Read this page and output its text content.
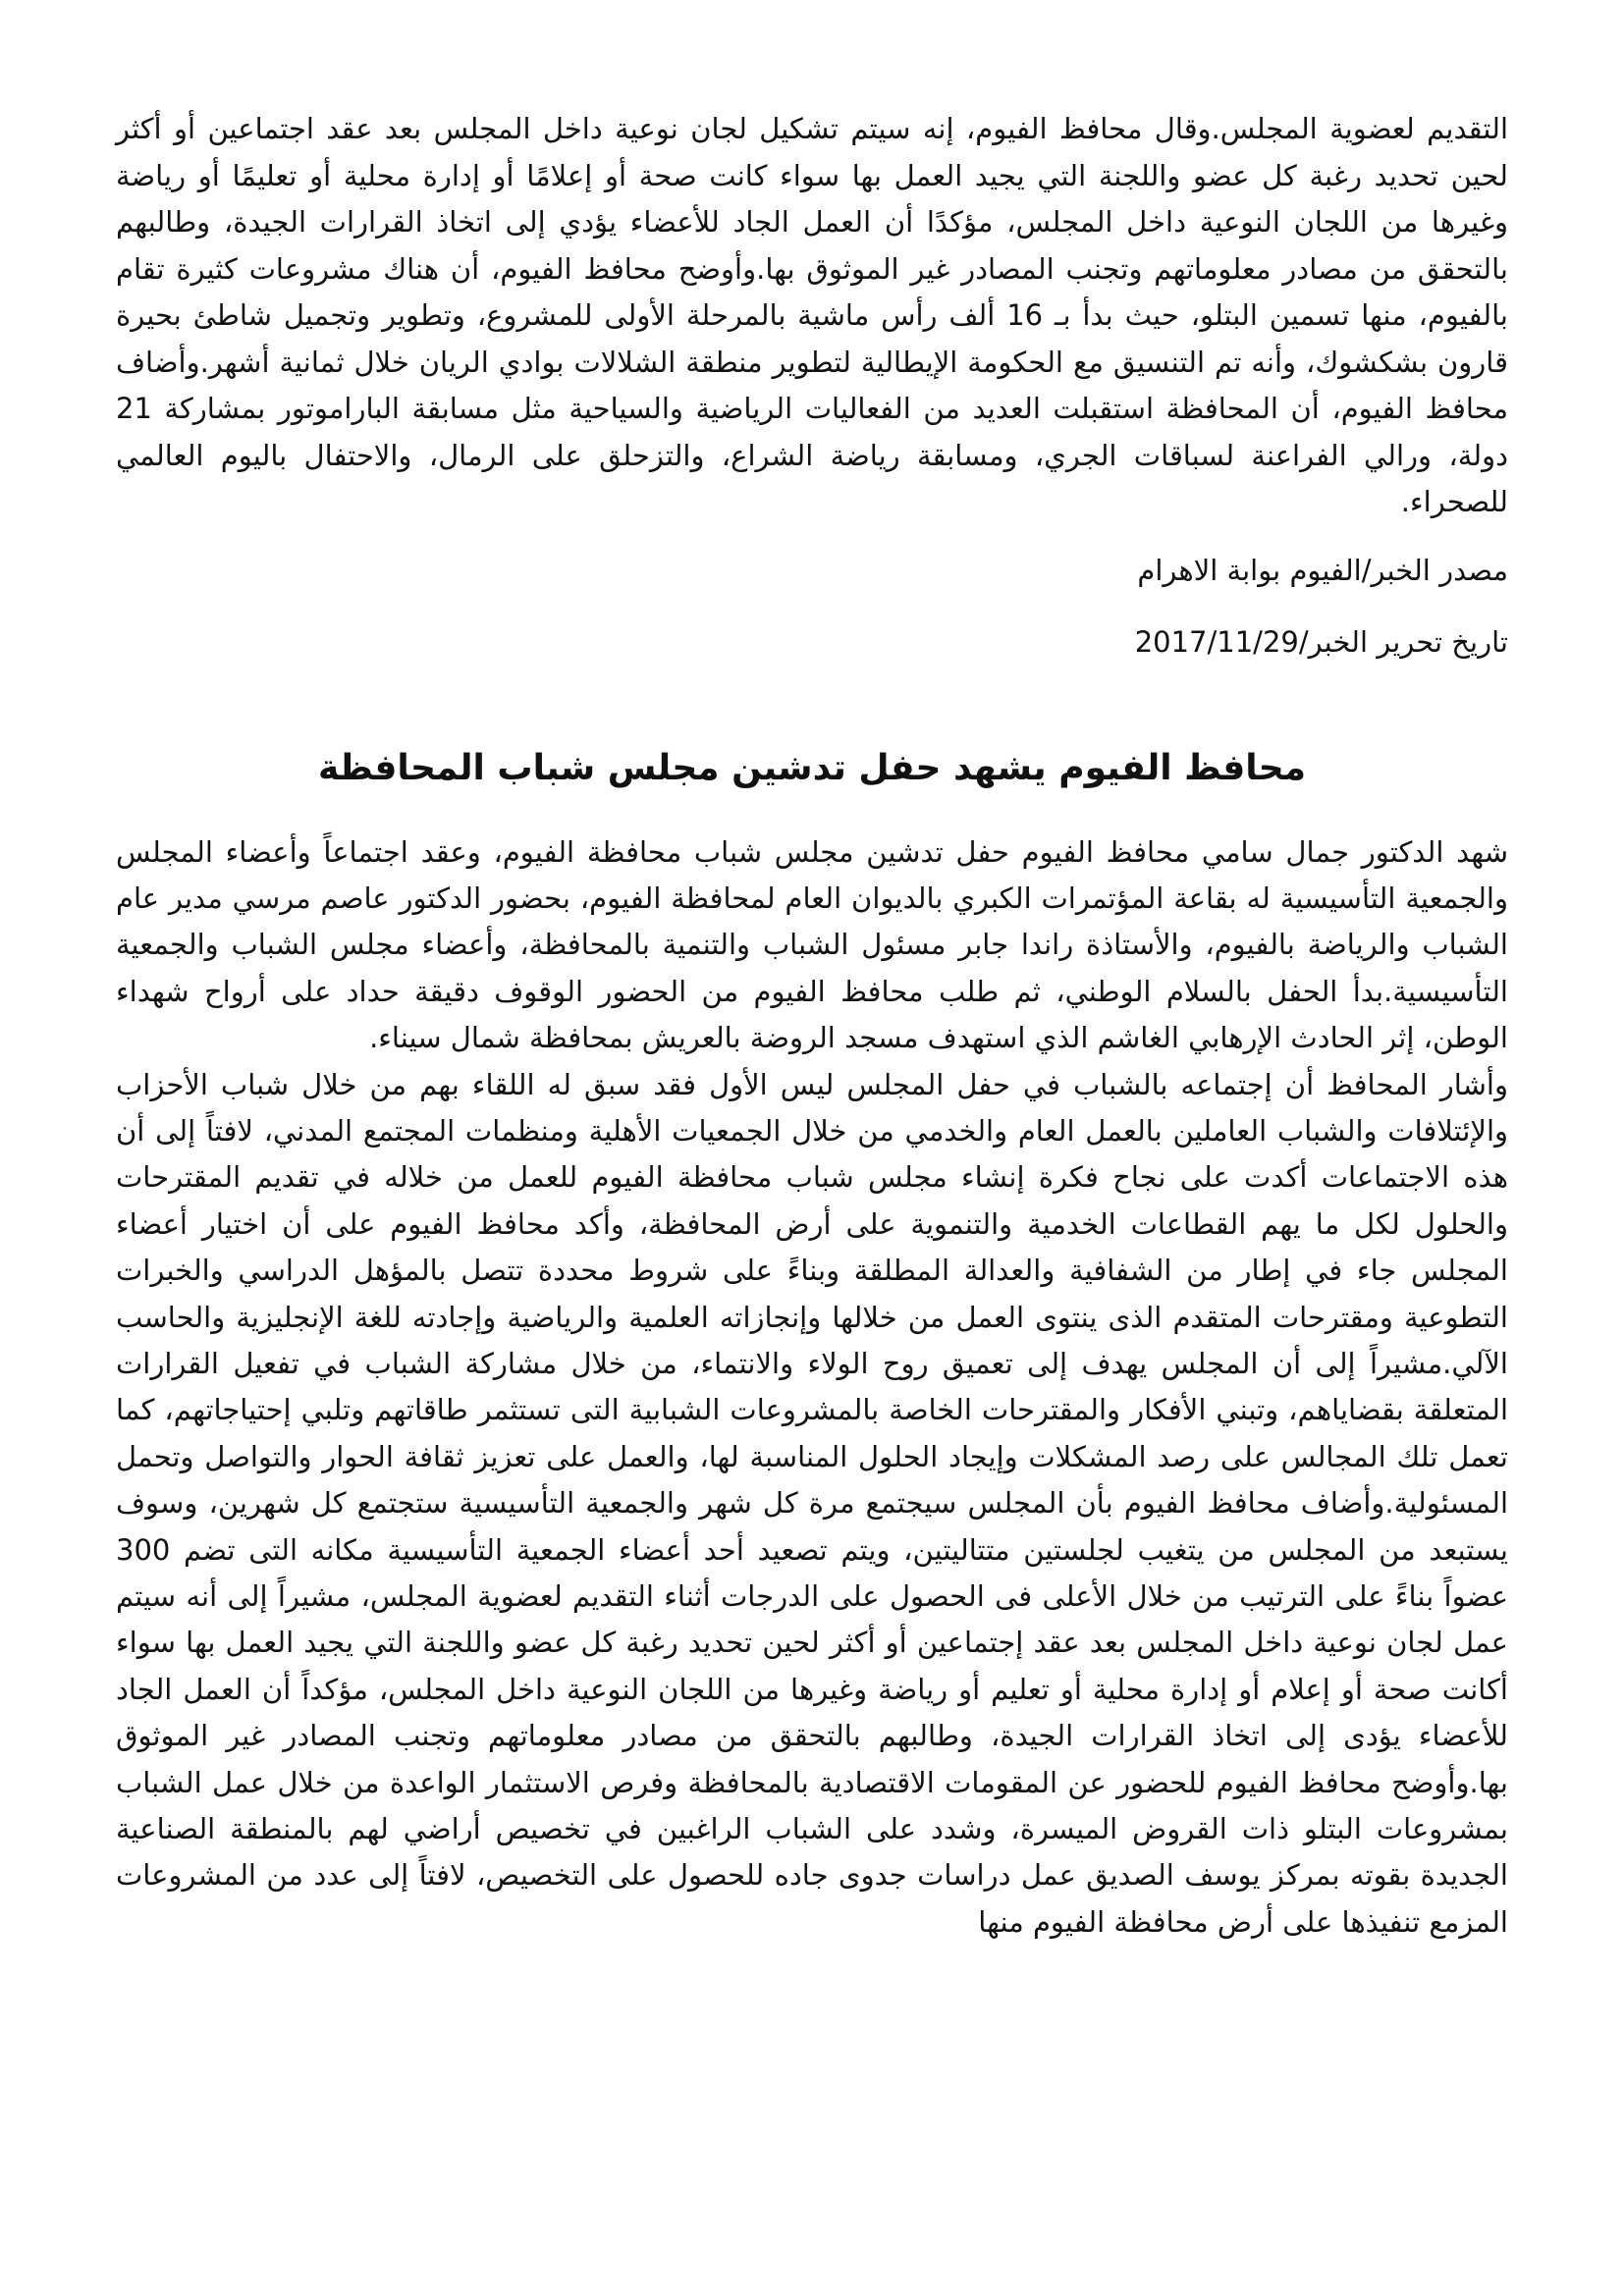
التقديم لعضوية المجلس.وقال محافظ الفيوم، إنه سيتم تشكيل لجان نوعية داخل المجلس بعد عقد اجتماعين أو أكثر لحين تحديد رغبة كل عضو واللجنة التي يجيد العمل بها سواء كانت صحة أو إعلامًا أو إدارة محلية أو تعليمًا أو رياضة وغيرها من اللجان النوعية داخل المجلس، مؤكدًا أن العمل الجاد للأعضاء يؤدي إلى اتخاذ القرارات الجيدة، وطالبهم بالتحقق من مصادر معلوماتهم وتجنب المصادر غير الموثوق بها.وأوضح محافظ الفيوم، أن هناك مشروعات كثيرة تقام بالفيوم، منها تسمين البتلو، حيث بدأ بـ 16 ألف رأس ماشية بالمرحلة الأولى للمشروع، وتطوير وتجميل شاطئ بحيرة قارون بشكشوك، وأنه تم التنسيق مع الحكومة الإيطالية لتطوير منطقة الشلالات بوادي الريان خلال ثمانية أشهر.وأضاف محافظ الفيوم، أن المحافظة استقبلت العديد من الفعاليات الرياضية والسياحية مثل مسابقة الباراموتور بمشاركة 21 دولة، ورالي الفراعنة لسباقات الجري، ومسابقة رياضة الشراع، والتزحلق على الرمال، والاحتفال باليوم العالمي للصحراء.

مصدر الخبر/الفيوم بوابة الاهرام

تاريخ تحرير الخبر/2017/11/29

محافظ الفيوم يشهد حفل تدشين مجلس شباب المحافظة

شهد الدكتور جمال سامي محافظ الفيوم حفل تدشين مجلس شباب محافظة الفيوم، وعقد اجتماعاً وأعضاء المجلس والجمعية التأسيسية له بقاعة المؤتمرات الكبري بالديوان العام لمحافظة الفيوم، بحضور الدكتور عاصم مرسي مدير عام الشباب والرياضة بالفيوم، والأستاذة راندا جابر مسئول الشباب والتنمية بالمحافظة، وأعضاء مجلس الشباب والجمعية التأسيسية.بدأ الحفل بالسلام الوطني، ثم طلب محافظ الفيوم من الحضور الوقوف دقيقة حداد على أرواح شهداء الوطن، إثر الحادث الإرهابي الغاشم الذي استهدف مسجد الروضة بالعريش بمحافظة شمال سيناء.

وأشار المحافظ أن إجتماعه بالشباب في حفل المجلس ليس الأول فقد سبق له اللقاء بهم من خلال شباب الأحزاب والإئتلافات والشباب العاملين بالعمل العام والخدمي من خلال الجمعيات الأهلية ومنظمات المجتمع المدني، لافتاً إلى أن هذه الاجتماعات أكدت على نجاح فكرة إنشاء مجلس شباب محافظة الفيوم للعمل من خلاله في تقديم المقترحات والحلول لكل ما يهم القطاعات الخدمية والتنموية على أرض المحافظة، وأكد محافظ الفيوم على أن اختيار أعضاء المجلس جاء في إطار من الشفافية والعدالة المطلقة وبناءً على شروط محددة تتصل بالمؤهل الدراسي والخبرات التطوعية ومقترحات المتقدم الذى ينتوى العمل من خلالها وإنجازاته العلمية والرياضية وإجادته للغة الإنجليزية والحاسب الآلي.مشيراً إلى أن المجلس يهدف إلى تعميق روح الولاء والانتماء، من خلال مشاركة الشباب في تفعيل القرارات المتعلقة بقضاياهم، وتبني الأفكار والمقترحات الخاصة بالمشروعات الشبابية التى تستثمر طاقاتهم وتلبي إحتياجاتهم، كما تعمل تلك المجالس على رصد المشكلات وإيجاد الحلول المناسبة لها، والعمل على تعزيز ثقافة الحوار والتواصل وتحمل المسئولية.وأضاف محافظ الفيوم بأن المجلس سيجتمع مرة كل شهر والجمعية التأسيسية ستجتمع كل شهرين، وسوف يستبعد من المجلس من يتغيب لجلستين متتاليتين، ويتم تصعيد أحد أعضاء الجمعية التأسيسية مكانه التى تضم 300 عضواً بناءً على الترتيب من خلال الأعلى فى الحصول على الدرجات أثناء التقديم لعضوية المجلس، مشيراً إلى أنه سيتم عمل لجان نوعية داخل المجلس بعد عقد إجتماعين أو أكثر لحين تحديد رغبة كل عضو واللجنة التي يجيد العمل بها سواء أكانت صحة أو إعلام أو إدارة محلية أو تعليم أو رياضة وغيرها من اللجان النوعية داخل المجلس، مؤكداً أن العمل الجاد للأعضاء يؤدى إلى اتخاذ القرارات الجيدة، وطالبهم بالتحقق من مصادر معلوماتهم وتجنب المصادر غير الموثوق بها.وأوضح محافظ الفيوم للحضور عن المقومات الاقتصادية بالمحافظة وفرص الاستثمار الواعدة من خلال عمل الشباب بمشروعات البتلو ذات القروض الميسرة، وشدد على الشباب الراغبين في تخصيص أراضي لهم بالمنطقة الصناعية الجديدة بقوته بمركز يوسف الصديق عمل دراسات جدوى جاده للحصول على التخصيص، لافتاً إلى عدد من المشروعات المزمع تنفيذها على أرض محافظة الفيوم منها
